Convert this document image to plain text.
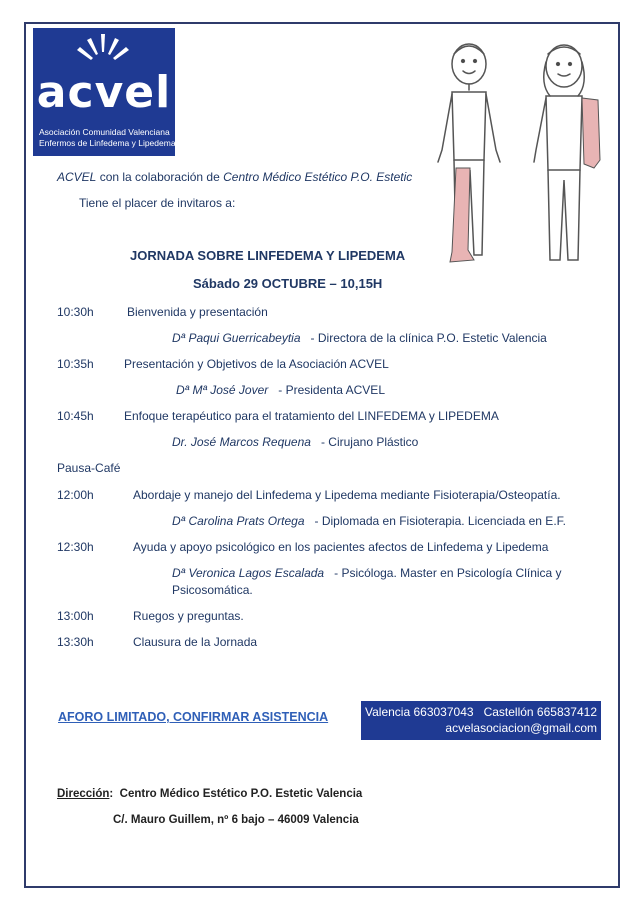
acvel
Asociación Comunidad Valenciana
Enfermos de Linfedema y Lipedema
ACVEL con la colaboración de Centro Médico Estético P.O. Estetic
Tiene el placer de invitaros a:
JORNADA SOBRE LINFEDEMA Y LIPEDEMA
Sábado 29 OCTUBRE – 10,15H
10:30h	Bienvenida y presentación
Dª Paqui Guerricabeytia - Directora de la clínica P.O. Estetic Valencia
10:35h	Presentación y Objetivos de la Asociación ACVEL
Dª Mª José Jover - Presidenta ACVEL
10:45h	Enfoque terapéutico para el tratamiento del LINFEDEMA y LIPEDEMA
Dr. José Marcos Requena - Cirujano Plástico
Pausa-Café
12:00h	Abordaje y manejo del Linfedema y Lipedema mediante Fisioterapia/Osteopatía.
Dª Carolina Prats Ortega - Diplomada en Fisioterapia. Licenciada en E.F.
12:30h	Ayuda y apoyo psicológico en los pacientes afectos de Linfedema y Lipedema
Dª Veronica Lagos Escalada - Psicóloga. Master en Psicología Clínica y
Psicosomática.
13:00h	Ruegos y preguntas.
13:30h	Clausura de la Jornada
AFORO LIMITADO, CONFIRMAR ASISTENCIA	Valencia 663037043 Castellón 665837412
acvelasociacion@gmail.com
Dirección: Centro Médico Estético P.O. Estetic Valencia
C/. Mauro Guillem, nº 6 bajo – 46009 Valencia
